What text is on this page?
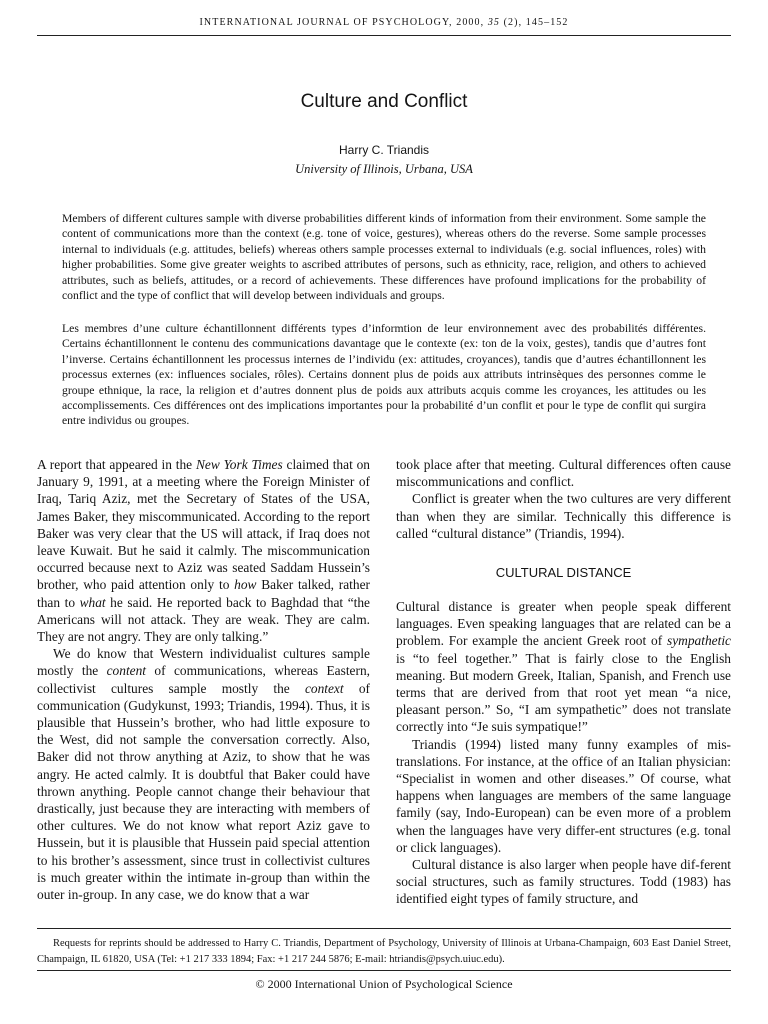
INTERNATIONAL JOURNAL OF PSYCHOLOGY, 2000, 35 (2), 145–152
Culture and Conflict
Harry C. Triandis
University of Illinois, Urbana, USA
Members of different cultures sample with diverse probabilities different kinds of information from their environment. Some sample the content of communications more than the context (e.g. tone of voice, gestures), whereas others do the reverse. Some sample processes internal to individuals (e.g. attitudes, beliefs) whereas others sample processes external to individuals (e.g. social influences, roles) with higher probabilities. Some give greater weights to ascribed attributes of persons, such as ethnicity, race, religion, and others to achieved attributes, such as beliefs, attitudes, or a record of achievements. These differences have profound implications for the probability of conflict and the type of conflict that will develop between individuals and groups.
Les membres d’une culture échantillonnent différents types d’informtion de leur environnement avec des probabilités différentes. Certains échantillonnent le contenu des communications davantage que le contexte (ex: ton de la voix, gestes), tandis que d’autres font l’inverse. Certains échantillonnent les processus internes de l’individu (ex: attitudes, croyances), tandis que d’autres échantillonnent les processus externes (ex: influences sociales, rôles). Certains donnent plus de poids aux attributs intrinsèques des personnes comme le groupe ethnique, la race, la religion et d’autres donnent plus de poids aux attributs acquis comme les croyances, les attitudes ou les accomplissements. Ces différences ont des implications importantes pour la probabilité d’un conflit et pour le type de conflit qui surgira entre individus ou groupes.

A report that appeared in the New York Times claimed that on January 9, 1991, at a meeting where the Foreign Minister of Iraq, Tariq Aziz, met the Secretary of States of the USA, James Baker, they miscommunicated. According to the report Baker was very clear that the US will attack, if Iraq does not leave Kuwait. But he said it calmly. The miscommunication occurred because next to Aziz was seated Saddam Hussein’s brother, who paid attention only to how Baker talked, rather than to what he said. He reported back to Baghdad that “the Americans will not attack. They are weak. They are calm. They are not angry. They are only talking.”

We do know that Western individualist cultures sample mostly the content of communications, whereas Eastern, collectivist cultures sample mostly the context of communication (Gudykunst, 1993; Triandis, 1994). Thus, it is plausible that Hussein’s brother, who had little exposure to the West, did not sample the conversation correctly. Also, Baker did not throw anything at Aziz, to show that he was angry. He acted calmly. It is doubtful that Baker could have thrown anything. People cannot change their behaviour that drastically, just because they are interacting with members of other cultures. We do not know what report Aziz gave to Hussein, but it is plausible that Hussein paid special attention to his brother’s assessment, since trust in collectivist cultures is much greater within the intimate in-group than within the outer in-group. In any case, we do know that a war

took place after that meeting. Cultural differences often cause miscommunications and conflict.

Conflict is greater when the two cultures are very different than when they are similar. Technically this difference is called “cultural distance” (Triandis, 1994).

CULTURAL DISTANCE

Cultural distance is greater when people speak different languages. Even speaking languages that are related can be a problem. For example the ancient Greek root of sympathetic is “to feel together.” That is fairly close to the English meaning. But modern Greek, Italian, Spanish, and French use terms that are derived from that root yet mean “a nice, pleasant person.” So, “I am sympathetic” does not translate correctly into “Je suis sympatique!”

Triandis (1994) listed many funny examples of mis-translations. For instance, at the office of an Italian physician: “Specialist in women and other diseases.” Of course, what happens when languages are members of the same language family (say, Indo-European) can be even more of a problem when the languages have very differ-ent structures (e.g. tonal or click languages).

Cultural distance is also larger when people have dif-ferent social structures, such as family structures. Todd (1983) has identified eight types of family structure, and

Requests for reprints should be addressed to Harry C. Triandis, Department of Psychology, University of Illinois at Urbana-Champaign, 603 East Daniel Street, Champaign, IL 61820, USA (Tel: +1 217 333 1894; Fax: +1 217 244 5876; E-mail: htriandis@psych.uiuc.edu).
© 2000 International Union of Psychological Science
